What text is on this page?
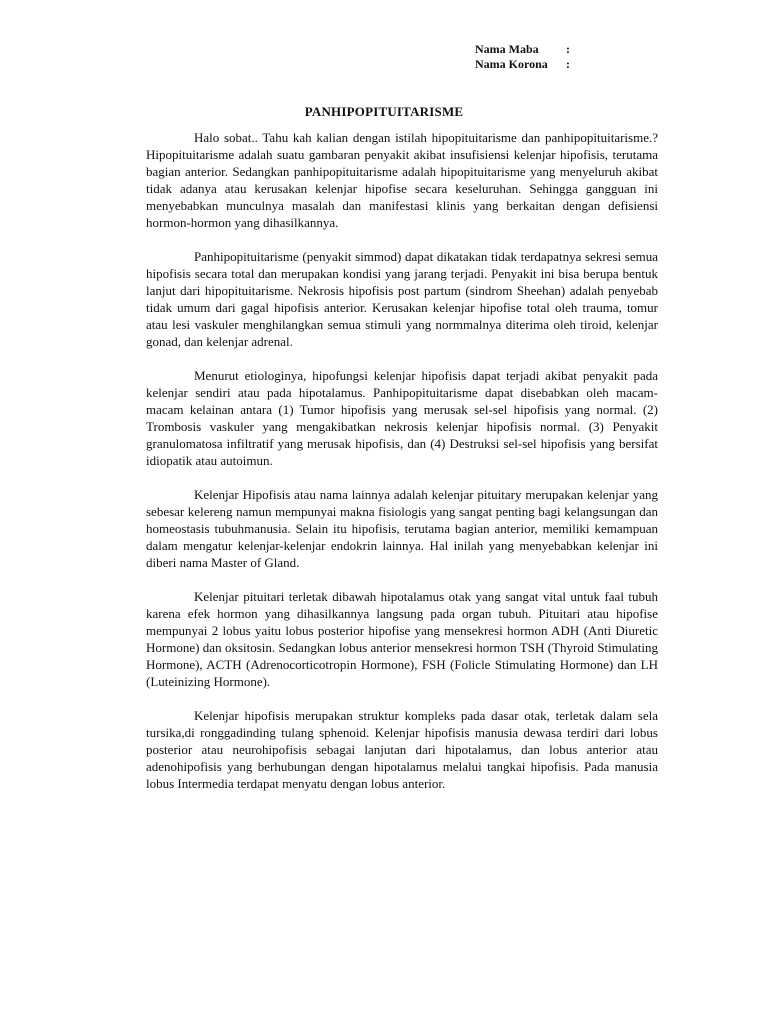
Nama Maba	:
Nama Korona	:
PANHIPOPITUITARISME

Halo sobat.. Tahu kah kalian dengan istilah hipopituitarisme dan panhipopituitarisme.? Hipopituitarisme adalah suatu gambaran penyakit akibat insufisiensi kelenjar hipofisis, terutama bagian anterior. Sedangkan panhipopituitarisme adalah hipopituitarisme yang menyeluruh akibat tidak adanya atau kerusakan kelenjar hipofise secara keseluruhan. Sehingga gangguan ini menyebabkan munculnya masalah dan manifestasi klinis yang berkaitan dengan defisiensi hormon-hormon yang dihasilkannya.

Panhipopituitarisme (penyakit simmod) dapat dikatakan tidak terdapatnya sekresi semua hipofisis secara total dan merupakan kondisi yang jarang terjadi. Penyakit ini bisa berupa bentuk lanjut dari hipopituitarisme. Nekrosis hipofisis post partum (sindrom Sheehan) adalah penyebab tidak umum dari gagal hipofisis anterior. Kerusakan kelenjar hipofise total oleh trauma, tomur atau lesi vaskuler menghilangkan semua stimuli yang normmalnya diterima oleh tiroid, kelenjar gonad, dan kelenjar adrenal.

Menurut etiologinya, hipofungsi kelenjar hipofisis dapat terjadi akibat penyakit pada kelenjar sendiri atau pada hipotalamus. Panhipopituitarisme dapat disebabkan oleh macam-macam kelainan antara (1) Tumor hipofisis yang merusak sel-sel hipofisis yang normal. (2) Trombosis vaskuler yang mengakibatkan nekrosis kelenjar hipofisis normal. (3) Penyakit granulomatosa infiltratif yang merusak hipofisis, dan (4) Destruksi sel-sel hipofisis yang bersifat idiopatik atau autoimun.

Kelenjar Hipofisis atau nama lainnya adalah kelenjar pituitary merupakan kelenjar yang sebesar kelereng namun mempunyai makna fisiologis yang sangat penting bagi kelangsungan dan homeostasis tubuhmanusia. Selain itu hipofisis, terutama bagian anterior, memiliki kemampuan dalam mengatur kelenjar-kelenjar endokrin lainnya. Hal inilah yang menyebabkan kelenjar ini diberi nama Master of Gland.

Kelenjar pituitari terletak dibawah hipotalamus otak yang sangat vital untuk faal tubuh karena efek hormon yang dihasilkannya langsung pada organ tubuh. Pituitari atau hipofise mempunyai 2 lobus yaitu lobus posterior hipofise yang mensekresi hormon ADH (Anti Diuretic Hormone) dan oksitosin. Sedangkan lobus anterior mensekresi hormon TSH (Thyroid Stimulating Hormone), ACTH (Adrenocorticotropin Hormone), FSH (Folicle Stimulating Hormone) dan LH (Luteinizing Hormone).

Kelenjar hipofisis merupakan struktur kompleks pada dasar otak, terletak dalam sela tursika,di ronggadinding tulang sphenoid. Kelenjar hipofisis manusia dewasa terdiri dari lobus posterior atau neurohipofisis sebagai lanjutan dari hipotalamus, dan lobus anterior atau adenohipofisis yang berhubungan dengan hipotalamus melalui tangkai hipofisis. Pada manusia lobus Intermedia terdapat menyatu dengan lobus anterior.
